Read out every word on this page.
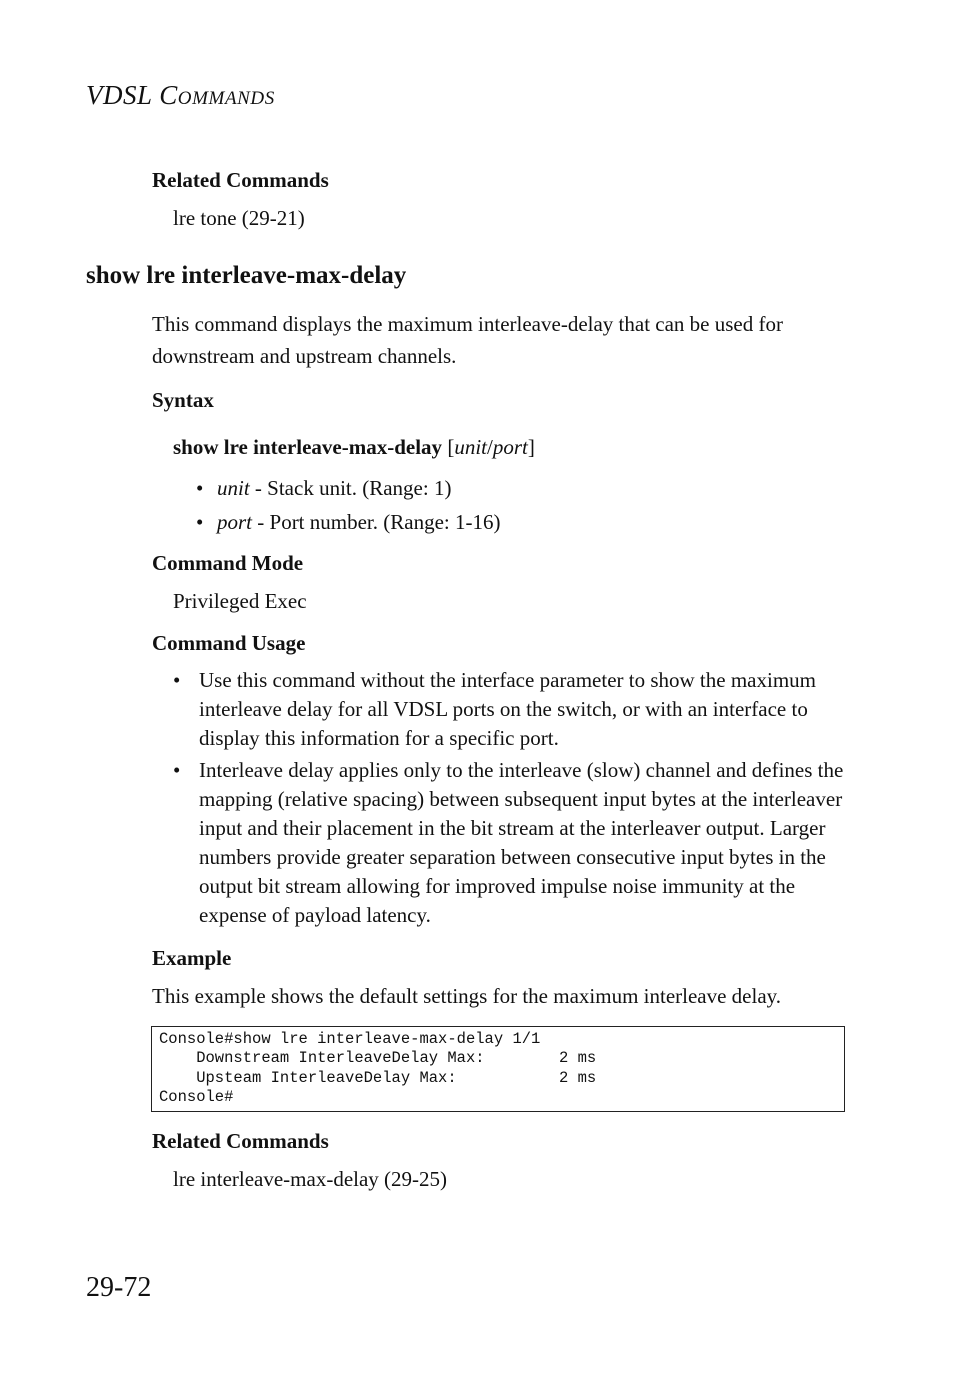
VDSL COMMANDS
Related Commands
lre tone (29-21)
show lre interleave-max-delay
This command displays the maximum interleave-delay that can be used for downstream and upstream channels.
Syntax
show lre interleave-max-delay [unit/port]
• unit - Stack unit. (Range: 1)
• port - Port number. (Range: 1-16)
Command Mode
Privileged Exec
Command Usage
• Use this command without the interface parameter to show the maximum interleave delay for all VDSL ports on the switch, or with an interface to display this information for a specific port.
• Interleave delay applies only to the interleave (slow) channel and defines the mapping (relative spacing) between subsequent input bytes at the interleaver input and their placement in the bit stream at the interleaver output. Larger numbers provide greater separation between consecutive input bytes in the output bit stream allowing for improved impulse noise immunity at the expense of payload latency.
Example
This example shows the default settings for the maximum interleave delay.
Console#show lre interleave-max-delay 1/1
Downstream InterleaveDelay Max:        2 ms
Upsteam InterleaveDelay Max:           2 ms
Console#
Related Commands
lre interleave-max-delay (29-25)
29-72
